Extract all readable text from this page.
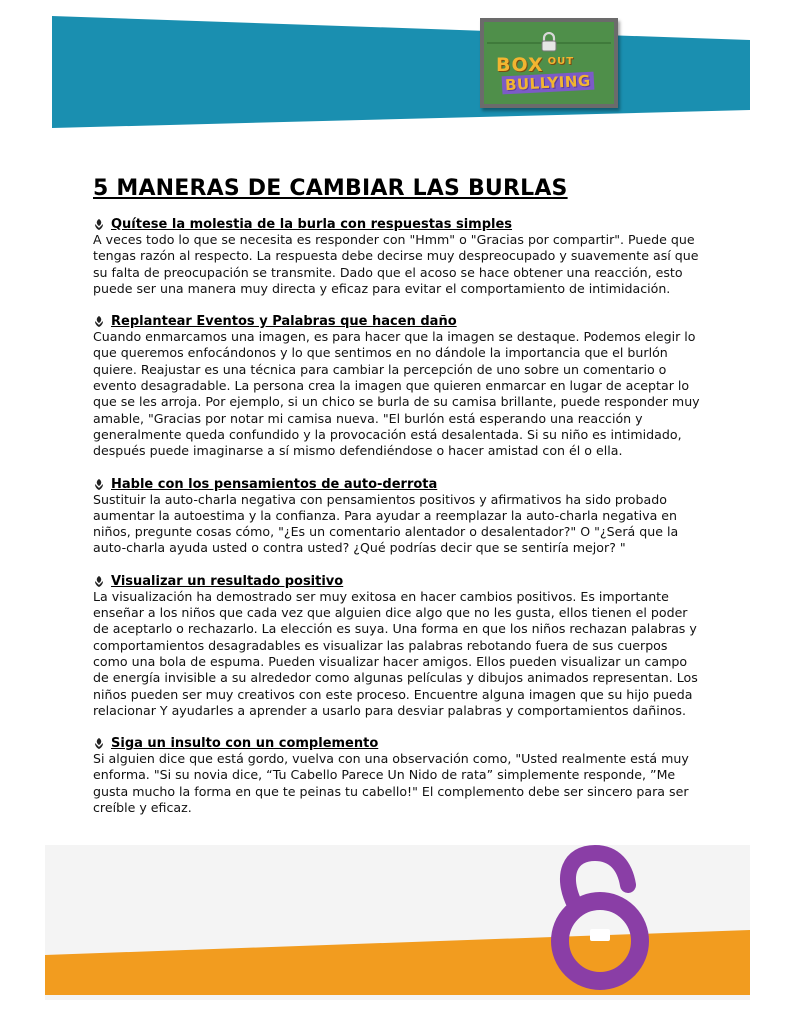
BOX $^{OUT}$
BULLYING
5 MANERAS DE CAMBIAR LAS BURLAS
Quítese la molestia de la burla con respuestas simples

A veces todo lo que se necesita es responder con "Hmm" o "Gracias por compartir". Puede que tengas razón al respecto. La respuesta debe decirse muy despreocupado y suavemente así que su falta de preocupación se transmite. Dado que el acoso se hace obtener una reacción, esto puede ser una manera muy directa y eficaz para evitar el comportamiento de intimidación.

Replantear Eventos y Palabras que hacen daño

Cuando enmarcamos una imagen, es para hacer que la imagen se destaque. Podemos elegir lo que queremos enfocándonos y lo que sentimos en no dándole la importancia que el burlón quiere. Reajustar es una técnica para cambiar la percepción de uno sobre un comentario o evento desagradable. La persona crea la imagen que quieren enmarcar en lugar de aceptar lo que se les arroja. Por ejemplo, si un chico se burla de su camisa brillante, puede responder muy amable, "Gracias por notar mi camisa nueva. "El burlón está esperando una reacción y generalmente queda confundido y la provocación está desalentada. Si su niño es intimidado, después puede imaginarse a sí mismo defendiéndose o hacer amistad con él o ella.

Hable con los pensamientos de auto-derrota

Sustituir la auto-charla negativa con pensamientos positivos y afirmativos ha sido probado aumentar la autoestima y la confianza. Para ayudar a reemplazar la auto-charla negativa en niños, pregunte cosas cómo, "¿Es un comentario alentador o desalentador?" O "¿Será que la auto-charla ayuda usted o contra usted? ¿Qué podrías decir que se sentiría mejor? "

Visualizar un resultado positivo

La visualización ha demostrado ser muy exitosa en hacer cambios positivos. Es importante enseñar a los niños que cada vez que alguien dice algo que no les gusta, ellos tienen el poder de aceptarlo o rechazarlo. La elección es suya. Una forma en que los niños rechazan palabras y comportamientos desagradables es visualizar las palabras rebotando fuera de sus cuerpos como una bola de espuma. Pueden visualizar hacer amigos. Ellos pueden visualizar un campo de energía invisible a su alrededor como algunas películas y dibujos animados representan. Los niños pueden ser muy creativos con este proceso. Encuentre alguna imagen que su hijo pueda relacionar Y ayudarles a aprender a usarlo para desviar palabras y comportamientos dañinos.

Siga un insulto con un complemento

Si alguien dice que está gordo, vuelva con una observación como, "Usted realmente está muy enforma. "Si su novia dice, “Tu Cabello Parece Un Nido de rata” simplemente responde, ”Me gusta mucho la forma en que te peinas tu cabello!" El complemento debe ser sincero para ser creíble y eficaz.
